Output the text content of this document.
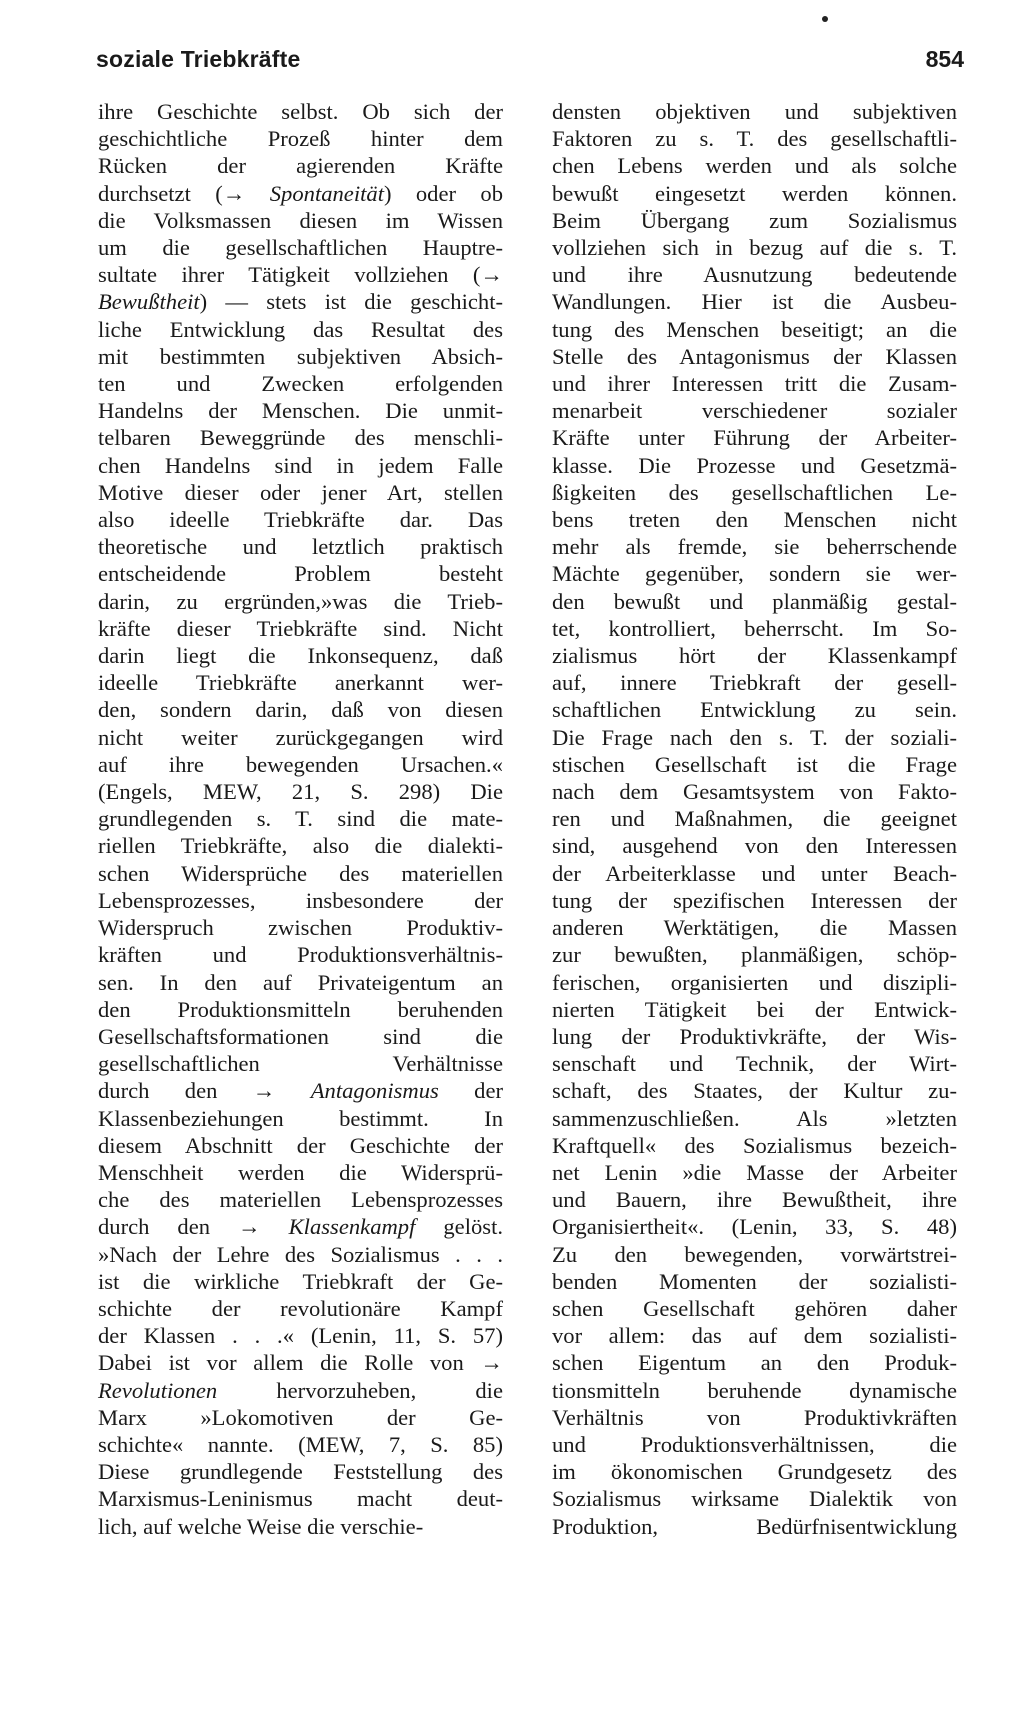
soziale Triebkräfte	854
ihre Geschichte selbst. Ob sich der
geschichtliche Prozeß hinter dem
Rücken der agierenden Kräfte
durchsetzt (→ Spontaneität) oder ob
die Volksmassen diesen im Wissen
um die gesellschaftlichen Hauptre-
sultate ihrer Tätigkeit vollziehen (→
Bewußtheit) — stets ist die geschicht-
liche Entwicklung das Resultat des
mit bestimmten subjektiven Absich-
ten und Zwecken erfolgenden
Handelns der Menschen. Die unmit-
telbaren Beweggründe des menschli-
chen Handelns sind in jedem Falle
Motive dieser oder jener Art, stellen
also ideelle Triebkräfte dar. Das
theoretische und letztlich praktisch
entscheidende Problem besteht
darin, zu ergründen,»was die Trieb-
kräfte dieser Triebkräfte sind. Nicht
darin liegt die Inkonsequenz, daß
ideelle Triebkräfte anerkannt wer-
den, sondern darin, daß von diesen
nicht weiter zurückgegangen wird
auf ihre bewegenden Ursachen.«
(Engels, MEW, 21, S. 298) Die
grundlegenden s. T. sind die mate-
riellen Triebkräfte, also die dialekti-
schen Widersprüche des materiellen
Lebensprozesses, insbesondere der
Widerspruch zwischen Produktiv-
kräften und Produktionsverhältnis-
sen. In den auf Privateigentum an
den Produktionsmitteln beruhenden
Gesellschaftsformationen sind die
gesellschaftlichen Verhältnisse
durch den → Antagonismus der
Klassenbeziehungen bestimmt. In
diesem Abschnitt der Geschichte der
Menschheit werden die Widersprü-
che des materiellen Lebensprozesses
durch den → Klassenkampf gelöst.
»Nach der Lehre des Sozialismus . . .
ist die wirkliche Triebkraft der Ge-
schichte der revolutionäre Kampf
der Klassen . . .« (Lenin, 11, S. 57)
Dabei ist vor allem die Rolle von →
Revolutionen hervorzuheben, die
Marx »Lokomotiven der Ge-
schichte« nannte. (MEW, 7, S. 85)
Diese grundlegende Feststellung des
Marxismus-Leninismus macht deut-
lich, auf welche Weise die verschie-
densten objektiven und subjektiven
Faktoren zu s. T. des gesellschaftli-
chen Lebens werden und als solche
bewußt eingesetzt werden können.
Beim Übergang zum Sozialismus
vollziehen sich in bezug auf die s. T.
und ihre Ausnutzung bedeutende
Wandlungen. Hier ist die Ausbeu-
tung des Menschen beseitigt; an die
Stelle des Antagonismus der Klassen
und ihrer Interessen tritt die Zusam-
menarbeit verschiedener sozialer
Kräfte unter Führung der Arbeiter-
klasse. Die Prozesse und Gesetzmä-
ßigkeiten des gesellschaftlichen Le-
bens treten den Menschen nicht
mehr als fremde, sie beherrschende
Mächte gegenüber, sondern sie wer-
den bewußt und planmäßig gestal-
tet, kontrolliert, beherrscht. Im So-
zialismus hört der Klassenkampf
auf, innere Triebkraft der gesell-
schaftlichen Entwicklung zu sein.
Die Frage nach den s. T. der soziali-
stischen Gesellschaft ist die Frage
nach dem Gesamtsystem von Fakto-
ren und Maßnahmen, die geeignet
sind, ausgehend von den Interessen
der Arbeiterklasse und unter Beach-
tung der spezifischen Interessen der
anderen Werktätigen, die Massen
zur bewußten, planmäßigen, schöp-
ferischen, organisierten und diszipli-
nierten Tätigkeit bei der Entwick-
lung der Produktivkräfte, der Wis-
senschaft und Technik, der Wirt-
schaft, des Staates, der Kultur zu-
sammenzuschließen. Als »letzten
Kraftquell« des Sozialismus bezeich-
net Lenin »die Masse der Arbeiter
und Bauern, ihre Bewußtheit, ihre
Organisiertheit«. (Lenin, 33, S. 48)
Zu den bewegenden, vorwärtstrei-
benden Momenten der sozialisti-
schen Gesellschaft gehören daher
vor allem: das auf dem sozialisti-
schen Eigentum an den Produk-
tionsmitteln beruhende dynamische
Verhältnis von Produktivkräften
und Produktionsverhältnissen, die
im ökonomischen Grundgesetz des
Sozialismus wirksame Dialektik von
Produktion, Bedürfnisentwicklung
